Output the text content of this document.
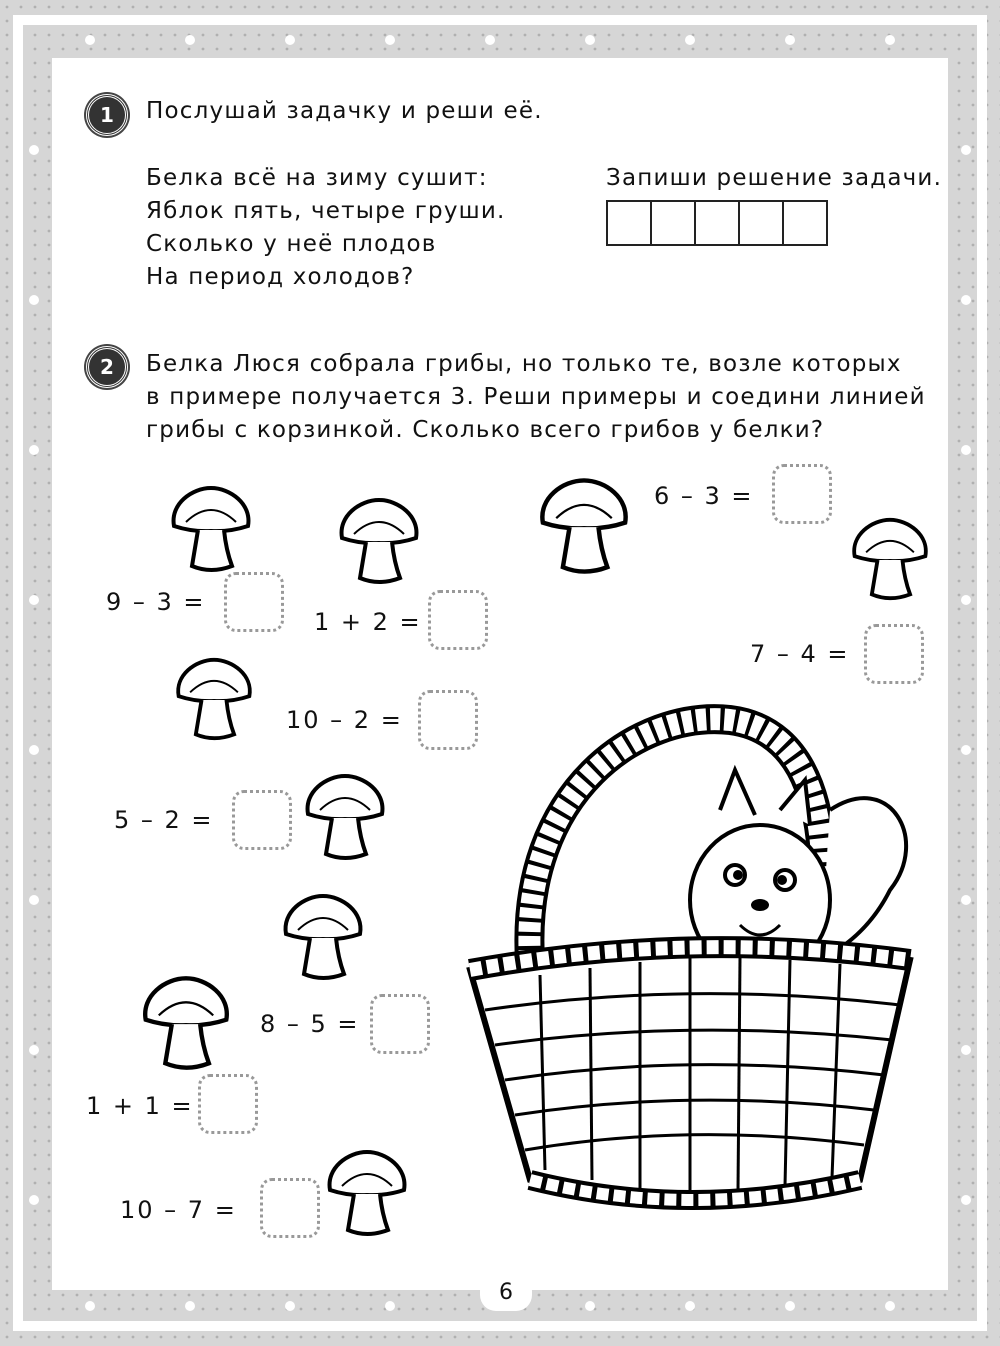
1	Послушай задачку и реши её.
Белка всё на зиму сушит:
Яблок пять, четыре груши.
Сколько у неё плодов
На период холодов?
Запиши решение задачи.
2	Белка Люся собрала грибы, но только те, возле которых
в примере получается 3. Реши примеры и соедини линией
грибы с корзинкой. Сколько всего грибов у белки?
9 – 3 =
1 + 2 =
6 – 3 =
7 – 4 =
10 – 2 =
5 – 2 =
8 – 5 =
1 + 1 =
10 – 7 =
6
